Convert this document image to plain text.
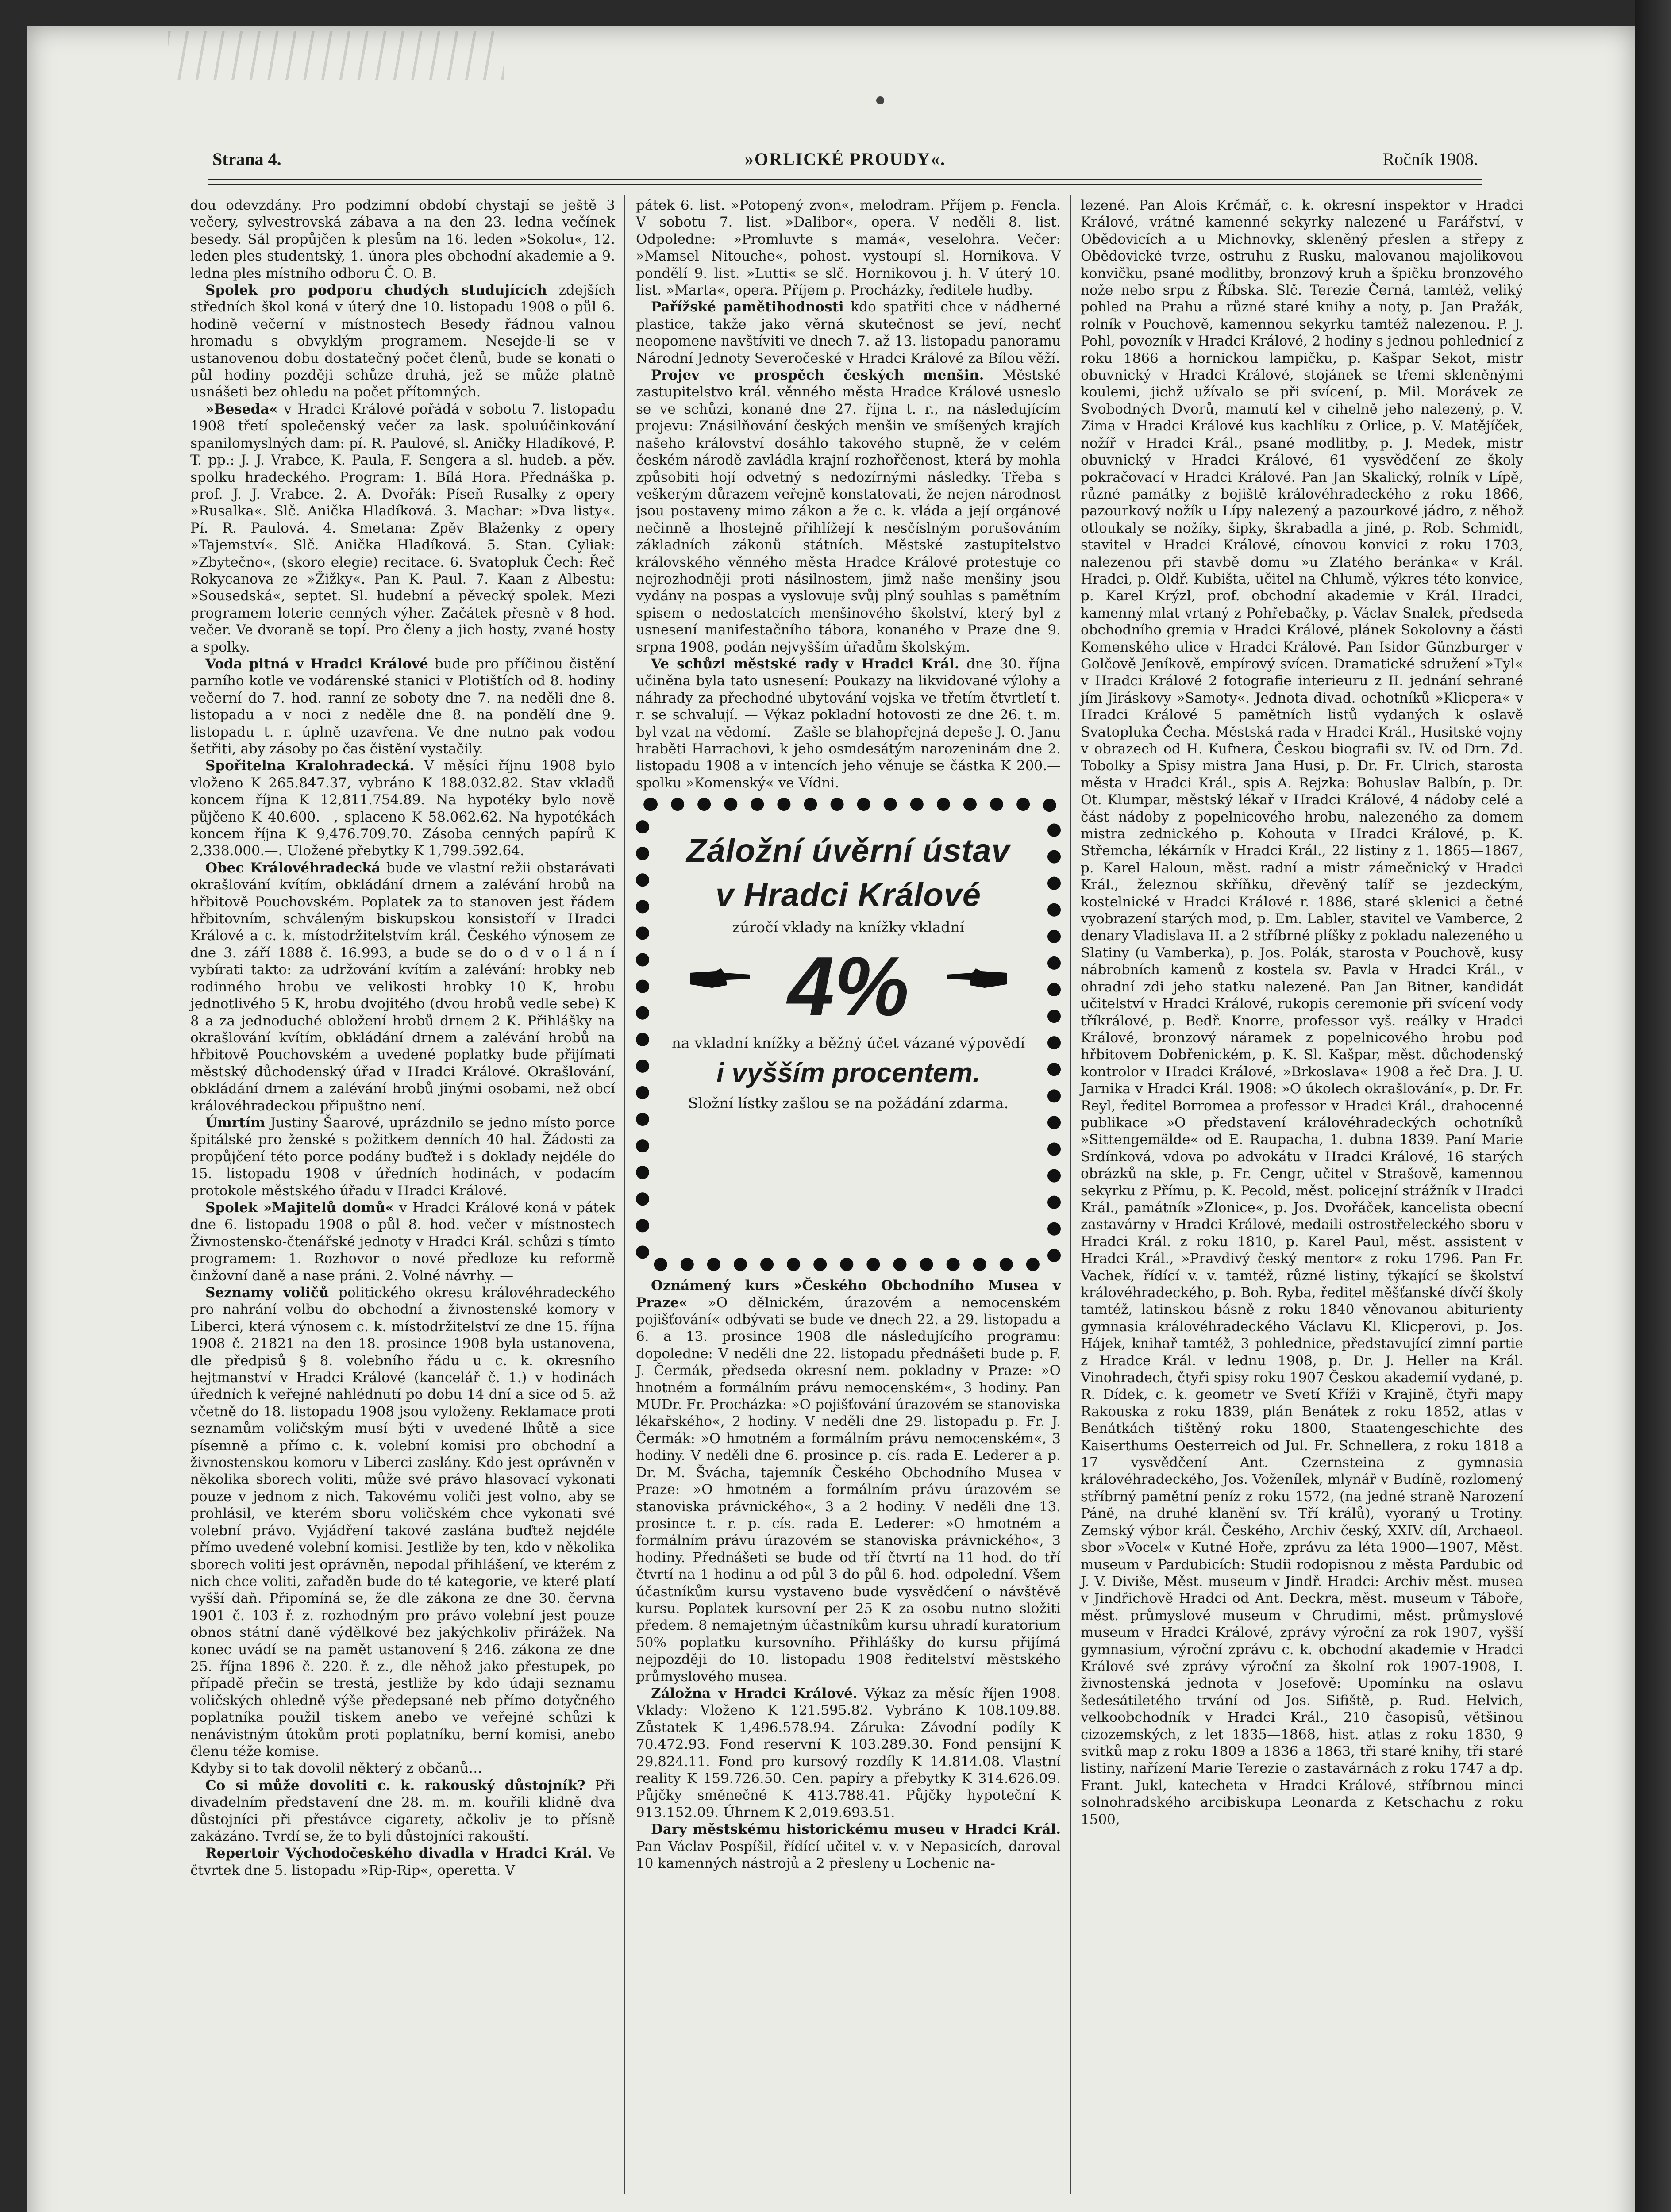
Strana 4.	»ORLICKÉ PROUDY«.	Ročník 1908.

dou odevzdány. Pro podzimní období chystají se ještě 3 večery, sylvestrovská zábava a na den 23. ledna večínek besedy. Sál propůjčen k plesům na 16. leden »Sokolu«, 12. leden ples studentský, 1. února ples obchodní akademie a 9. ledna ples místního odboru Č. O. B.

Spolek pro podporu chudých studujících zdejších středních škol koná v úterý dne 10. listopadu 1908 o půl 6. hodině večerní v místnostech Besedy řádnou valnou hromadu s obvyklým programem. Nesejde-li se v ustanovenou dobu dostatečný počet členů, bude se konati o půl hodiny později schůze druhá, jež se může platně usnášeti bez ohledu na počet přítomných.

»Beseda« v Hradci Králové pořádá v sobotu 7. listopadu 1908 třetí společenský večer za lask. spoluúčinkování spanilomyslných dam: pí. R. Paulové, sl. Aničky Hladíkové, P. T. pp.: J. J. Vrabce, K. Paula, F. Sengera a sl. hudeb. a pěv. spolku hradeckého. Program: 1. Bílá Hora. Přednáška p. prof. J. J. Vrabce. 2. A. Dvořák: Píseň Rusalky z opery »Rusalka«. Slč. Anička Hladíková. 3. Machar: »Dva listy«. Pí. R. Paulová. 4. Smetana: Zpěv Blaženky z opery »Tajemství«. Slč. Anička Hladíková. 5. Stan. Cyliak: »Zbytečno«, (skoro elegie) recitace. 6. Svatopluk Čech: Řeč Rokycanova ze »Žižky«. Pan K. Paul. 7. Kaan z Albestu: »Sousedská«, septet. Sl. hudební a pěvecký spolek. Mezi programem loterie cenných výher. Začátek přesně v 8 hod. večer. Ve dvoraně se topí. Pro členy a jich hosty, zvané hosty a spolky.

Voda pitná v Hradci Králové bude pro příčinou čistění parního kotle ve vodárenské stanici v Plotištích od 8. hodiny večerní do 7. hod. ranní ze soboty dne 7. na neděli dne 8. listopadu a v noci z neděle dne 8. na pondělí dne 9. listopadu t. r. úplně uzavřena. Ve dne nutno pak vodou šetřiti, aby zásoby po čas čistění vystačily.

Spořitelna Kralohradecká. V měsíci říjnu 1908 bylo vloženo K 265.847.37, vybráno K 188.032.82. Stav vkladů koncem října K 12,811.754.89. Na hypotéky bylo nově půjčeno K 40.600.—, splaceno K 58.062.62. Na hypotékách koncem října K 9,476.709.70. Zásoba cenných papírů K 2,338.000.—. Uložené přebytky K 1,799.592.64.

Obec Královéhradecká bude ve vlastní režii obstarávati okrašlování kvítím, obkládání drnem a zalévání hrobů na hřbitově Pouchovském. Poplatek za to stanoven jest řádem hřbitovním, schváleným biskupskou konsistoří v Hradci Králové a c. k. místodržitelstvím král. Českého výnosem ze dne 3. září 1888 č. 16.993, a bude se do o d v o l á n í vybírati takto: za udržování kvítím a zalévání: hrobky neb rodinného hrobu ve velikosti hrobky 10 K, hrobu jednotlivého 5 K, hrobu dvojitého (dvou hrobů vedle sebe) K 8 a za jednoduché obložení hrobů drnem 2 K. Přihlášky na okrašlování kvítím, obkládání drnem a zalévání hrobů na hřbitově Pouchovském a uvedené poplatky bude přijímati městský důchodenský úřad v Hradci Králové. Okrašlování, obkládání drnem a zalévání hrobů jinými osobami, než obcí královéhradeckou připuštno není.

Úmrtím Justiny Šaarové, uprázdnilo se jedno místo porce špitálské pro ženské s požitkem denních 40 hal. Žádosti za propůjčení této porce podány buďtež i s doklady nejdéle do 15. listopadu 1908 v úředních hodinách, v podacím protokole městského úřadu v Hradci Králové.

Spolek »Majitelů domů« v Hradci Králové koná v pátek dne 6. listopadu 1908 o půl 8. hod. večer v místnostech Živnostensko-čtenářské jednoty v Hradci Král. schůzi s tímto programem: 1. Rozhovor o nové předloze ku reformě činžovní daně a nase práni. 2. Volné návrhy. —

Seznamy voličů politického okresu královéhradeckého pro nahrání volbu do obchodní a živnostenské komory v Liberci, která výnosem c. k. místodržitelství ze dne 15. října 1908 č. 21821 na den 18. prosince 1908 byla ustanovena, dle předpisů § 8. volebního řádu u c. k. okresního hejtmanství v Hradci Králové (kancelář č. 1.) v hodinách úředních k veřejné nahlédnutí po dobu 14 dní a sice od 5. až včetně do 18. listopadu 1908 jsou vyloženy. Reklamace proti seznamům voličským musí býti v uvedené lhůtě a sice písemně a přímo c. k. volební komisi pro obchodní a živnostenskou komoru v Liberci zaslány. Kdo jest oprávněn v několika sborech voliti, může své právo hlasovací vykonati pouze v jednom z nich. Takovému voliči jest volno, aby se prohlásil, ve kterém sboru voličském chce vykonati své volební právo. Vyjádření takové zaslána buďtež nejdéle přímo uvedené volební komisi. Jestliže by ten, kdo v několika sborech voliti jest oprávněn, nepodal přihlášení, ve kterém z nich chce voliti, zařaděn bude do té kategorie, ve které platí vyšší daň. Připomíná se, že dle zákona ze dne 30. června 1901 č. 103 ř. z. rozhodným pro právo volební jest pouze obnos státní daně výdělkové bez jakýchkoliv přirážek. Na konec uvádí se na pamět ustanovení § 246. zákona ze dne 25. října 1896 č. 220. ř. z., dle něhož jako přestupek, po případě přečin se trestá, jestliže by kdo údaji seznamu voličských ohledně výše předepsané neb přímo dotyčného poplatníka použil tiskem anebo ve veřejné schůzi k nenávistným útokům proti poplatníku, berní komisi, anebo členu téže komise.

Kdyby si to tak dovolil některý z občanů…

Co si může dovoliti c. k. rakouský důstojník? Při divadelním představení dne 28. m. m. kouřili klidně dva důstojníci při přestávce cigarety, ačkoliv je to přísně zakázáno. Tvrdí se, že to byli důstojníci rakouští.

Repertoir Východočeského divadla v Hradci Král. Ve čtvrtek dne 5. listopadu »Rip-Rip«, operetta. V

pátek 6. list. »Potopený zvon«, melodram. Příjem p. Fencla. V sobotu 7. list. »Dalibor«, opera. V neděli 8. list. Odpoledne: »Promluvte s mamá«, veselohra. Večer: »Mamsel Nitouche«, pohost. vystoupí sl. Hornikova. V pondělí 9. list. »Lutti« se slč. Hornikovou j. h. V úterý 10. list. »Marta«, opera. Příjem p. Procházky, ředitele hudby.

Pařížské pamětihodnosti kdo spatřiti chce v nádherné plastice, takže jako věrná skutečnost se jeví, nechť neopomene navštíviti ve dnech 7. až 13. listopadu panoramu Národní Jednoty Severočeské v Hradci Králové za Bílou věží.

Projev ve prospěch českých menšin. Městské zastupitelstvo král. věnného města Hradce Králové usneslo se ve schůzi, konané dne 27. října t. r., na následujícím projevu: Znásilňování českých menšin ve smíšených krajích našeho království dosáhlo takového stupně, že v celém českém národě zavládla krajní rozhořčenost, která by mohla způsobiti hojí odvetný s nedozírnými následky. Třeba s veškerým důrazem veřejně konstatovati, že nejen národnost jsou postaveny mimo zákon a že c. k. vláda a její orgánové nečinně a lhostejně přihlížejí k nesčíslným porušováním základních zákonů státních. Městské zastupitelstvo královského věnného města Hradce Králové protestuje co nejrozhodněji proti násilnostem, jimž naše menšiny jsou vydány na pospas a vyslovuje svůj plný souhlas s pamětním spisem o nedostatcích menšinového školství, který byl z usnesení manifestačního tábora, konaného v Praze dne 9. srpna 1908, podán nejvyšším úřadům školským.

Ve schůzi městské rady v Hradci Král. dne 30. října učiněna byla tato usnesení: Poukazy na likvidované výlohy a náhrady za přechodné ubytování vojska ve třetím čtvrtletí t. r. se schvalují. — Výkaz pokladní hotovosti ze dne 26. t. m. byl vzat na vědomí. — Zašle se blahopřejná depeše J. O. Janu hraběti Harrachovi, k jeho osmdesátým narozeninám dne 2. listopadu 1908 a v intencích jeho věnuje se částka K 200.— spolku »Komenský« ve Vídni.

Záložní úvěrní ústav
v Hradci Králové
zúročí vklady na knížky vkladní
4%
na vkladní knížky a běžný účet vázané výpovědí
i vyšším procentem.
Složní lístky zašlou se na požádání zdarma.

Oznámený kurs »Českého Obchodního Musea v Praze« »O dělnickém, úrazovém a nemocenském pojišťování« odbývati se bude ve dnech 22. a 29. listopadu a 6. a 13. prosince 1908 dle následujícího programu: dopoledne: V neděli dne 22. listopadu přednášeti bude p. F. J. Čermák, předseda okresní nem. pokladny v Praze: »O hnotném a formálním právu nemocenském«, 3 hodiny. Pan MUDr. Fr. Procházka: »O pojišťování úrazovém se stanoviska lékařského«, 2 hodiny. V neděli dne 29. listopadu p. Fr. J. Čermák: »O hmotném a formálním právu nemocenském«, 3 hodiny. V neděli dne 6. prosince p. cís. rada E. Lederer a p. Dr. M. Švácha, tajemník Českého Obchodního Musea v Praze: »O hmotném a formálním právu úrazovém se stanoviska právnického«, 3 a 2 hodiny. V neděli dne 13. prosince t. r. p. cís. rada E. Lederer: »O hmotném a formálním právu úrazovém se stanoviska právnického«, 3 hodiny. Přednášeti se bude od tří čtvrtí na 11 hod. do tří čtvrtí na 1 hodinu a od půl 3 do půl 6. hod. odpolední. Všem účastníkům kursu vystaveno bude vysvědčení o návštěvě kursu. Poplatek kursovní per 25 K za osobu nutno složiti předem. 8 nemajetným účastníkům kursu uhradí kuratorium 50% poplatku kursovního. Přihlášky do kursu přijímá nejpozději do 10. listopadu 1908 ředitelství městského průmyslového musea.

Záložna v Hradci Králové. Výkaz za měsíc říjen 1908. Vklady: Vloženo K 121.595.82. Vybráno K 108.109.88. Zůstatek K 1,496.578.94. Záruka: Závodní podíly K 70.472.93. Fond reservní K 103.289.30. Fond pensijní K 29.824.11. Fond pro kursový rozdíly K 14.814.08. Vlastní reality K 159.726.50. Cen. papíry a přebytky K 314.626.09. Půjčky směnečné K 413.788.41. Půjčky hypoteční K 913.152.09. Úhrnem K 2,019.693.51.

Dary městskému historickému museu v Hradci Král. Pan Václav Pospíšil, řídící učitel v. v. v Nepasicích, daroval 10 kamenných nástrojů a 2 přesleny u Lochenic na-

lezené. Pan Alois Krčmář, c. k. okresní inspektor v Hradci Králové, vrátné kamenné sekyrky nalezené u Farářství, v Obědovicích a u Michnovky, skleněný přeslen a střepy z Obědovické tvrze, ostruhu z Rusku, malovanou majolikovou konvičku, psané modlitby, bronzový kruh a špičku bronzového nože nebo srpu z Říbska. Slč. Terezie Černá, tamtéž, veliký pohled na Prahu a různé staré knihy a noty, p. Jan Pražák, rolník v Pouchově, kamennou sekyrku tamtéž nalezenou. P. J. Pohl, povozník v Hradci Králové, 2 hodiny s jednou pohlednicí z roku 1866 a hornickou lampičku, p. Kašpar Sekot, mistr obuvnický v Hradci Králové, stojánek se třemi skleněnými koulemi, jichž užívalo se při svícení, p. Mil. Morávek ze Svobodných Dvorů, mamutí kel v cihelně jeho nalezený, p. V. Zima v Hradci Králové kus kachlíku z Orlice, p. V. Matějíček, nožíř v Hradci Král., psané modlitby, p. J. Medek, mistr obuvnický v Hradci Králové, 61 vysvědčení ze školy pokračovací v Hradci Králové. Pan Jan Skalický, rolník v Lípě, různé památky z bojiště královéhradeckého z roku 1866, pazourkový nožík u Lípy nalezený a pazourkové jádro, z něhož otloukaly se nožíky, šipky, škrabadla a jiné, p. Rob. Schmidt, stavitel v Hradci Králové, cínovou konvici z roku 1703, nalezenou při stavbě domu »u Zlatého beránka« v Král. Hradci, p. Oldř. Kubišta, učitel na Chlumě, výkres této konvice, p. Karel Krýzl, prof. obchodní akademie v Král. Hradci, kamenný mlat vrtaný z Pohřebačky, p. Václav Snalek, předseda obchodního gremia v Hradci Králové, plánek Sokolovny a části Komenského ulice v Hradci Králové. Pan Isidor Günzburger v Golčově Jeníkově, empírový svícen. Dramatické sdružení »Tyl« v Hradci Králové 2 fotografie interieuru z II. jednání sehrané jím Jiráskovy »Samoty«. Jednota divad. ochotníků »Klicpera« v Hradci Králové 5 pamětních listů vydaných k oslavě Svatopluka Čecha. Městská rada v Hradci Král., Husitské vojny v obrazech od H. Kufnera, Českou biografii sv. IV. od Drn. Zd. Tobolky a Spisy mistra Jana Husi, p. Dr. Fr. Ulrich, starosta města v Hradci Král., spis A. Rejzka: Bohuslav Balbín, p. Dr. Ot. Klumpar, městský lékař v Hradci Králové, 4 nádoby celé a část nádoby z popelnicového hrobu, nalezeného za domem mistra zednického p. Kohouta v Hradci Králové, p. K. Střemcha, lékárník v Hradci Král., 22 listiny z 1. 1865—1867, p. Karel Haloun, měst. radní a mistr zámečnický v Hradci Král., železnou skříňku, dřevěný talíř se jezdeckým, kostelnické v Hradci Králové r. 1886, staré sklenici a četné vyobrazení starých mod, p. Em. Labler, stavitel ve Vamberce, 2 denary Vladislava II. a 2 stříbrné plíšky z pokladu nalezeného u Slatiny (u Vamberka), p. Jos. Polák, starosta v Pouchově, kusy nábrobních kamenů z kostela sv. Pavla v Hradci Král., v ohradní zdi jeho statku nalezené. Pan Jan Bitner, kandidát učitelství v Hradci Králové, rukopis ceremonie při svícení vody tříkrálové, p. Bedř. Knorre, professor vyš. reálky v Hradci Králové, bronzový náramek z popelnicového hrobu pod hřbitovem Dobřenickém, p. K. Sl. Kašpar, měst. důchodenský kontrolor v Hradci Králové, »Brkoslava« 1908 a řeč Dra. J. U. Jarnika v Hradci Král. 1908: »O úkolech okrašlování«, p. Dr. Fr. Reyl, ředitel Borromea a professor v Hradci Král., drahocenné publikace »O představení královéhradeckých ochotníků »Sittengemälde« od E. Raupacha, 1. dubna 1839. Paní Marie Srdínková, vdova po advokátu v Hradci Králové, 16 starých obrázků na skle, p. Fr. Cengr, učitel v Strašově, kamennou sekyrku z Přímu, p. K. Pecold, měst. policejní strážník v Hradci Král., památník »Zlonice«, p. Jos. Dvořáček, kancelista obecní zastavárny v Hradci Králové, medaili ostrostřeleckého sboru v Hradci Král. z roku 1810, p. Karel Paul, měst. assistent v Hradci Král., »Pravdivý český mentor« z roku 1796. Pan Fr. Vachek, řídící v. v. tamtéž, různé listiny, týkající se školství královéhradeckého, p. Boh. Ryba, ředitel měšťanské dívčí školy tamtéž, latinskou básně z roku 1840 věnovanou abiturienty gymnasia královéhradeckého Václavu Kl. Klicperovi, p. Jos. Hájek, knihař tamtéž, 3 pohlednice, představující zimní partie z Hradce Král. v lednu 1908, p. Dr. J. Heller na Král. Vinohradech, čtyři spisy roku 1907 Českou akademií vydané, p. R. Dídek, c. k. geometr ve Svetí Kříži v Krajině, čtyři mapy Rakouska z roku 1839, plán Benátek z roku 1852, atlas v Benátkách tištěný roku 1800, Staatengeschichte des Kaiserthums Oesterreich od Jul. Fr. Schnellera, z roku 1818 a 17 vysvědčení Ant. Czernsteina z gymnasia královéhradeckého, Jos. Voženílek, mlynář v Budíně, rozlomený stříbrný pamětní peníz z roku 1572, (na jedné straně Narození Páně, na druhé klanění sv. Tří králů), vyoraný u Trotiny. Zemský výbor král. Českého, Archiv český, XXIV. díl, Archaeol. sbor »Vocel« v Kutné Hoře, zprávu za léta 1900—1907, Měst. museum v Pardubicích: Studii rodopisnou z města Pardubic od J. V. Diviše, Měst. museum v Jindř. Hradci: Archiv měst. musea v Jindřichově Hradci od Ant. Deckra, měst. museum v Táboře, měst. průmyslové museum v Chrudimi, měst. průmyslové museum v Hradci Králové, zprávy výroční za rok 1907, vyšší gymnasium, výroční zprávu c. k. obchodní akademie v Hradci Králové své zprávy výroční za školní rok 1907-1908, I. živnostenská jednota v Josefově: Upomínku na oslavu šedesátiletého trvání od Jos. Sifiště, p. Rud. Helvich, velkoobchodník v Hradci Král., 210 časopisů, většinou cizozemských, z let 1835—1868, hist. atlas z roku 1830, 9 svitků map z roku 1809 a 1836 a 1863, tři staré knihy, tři staré listiny, nařízení Marie Terezie o zastavárnách z roku 1747 a dp. Frant. Jukl, katecheta v Hradci Králové, stříbrnou minci solnohradského arcibiskupa Leonarda z Ketschachu z roku 1500,
